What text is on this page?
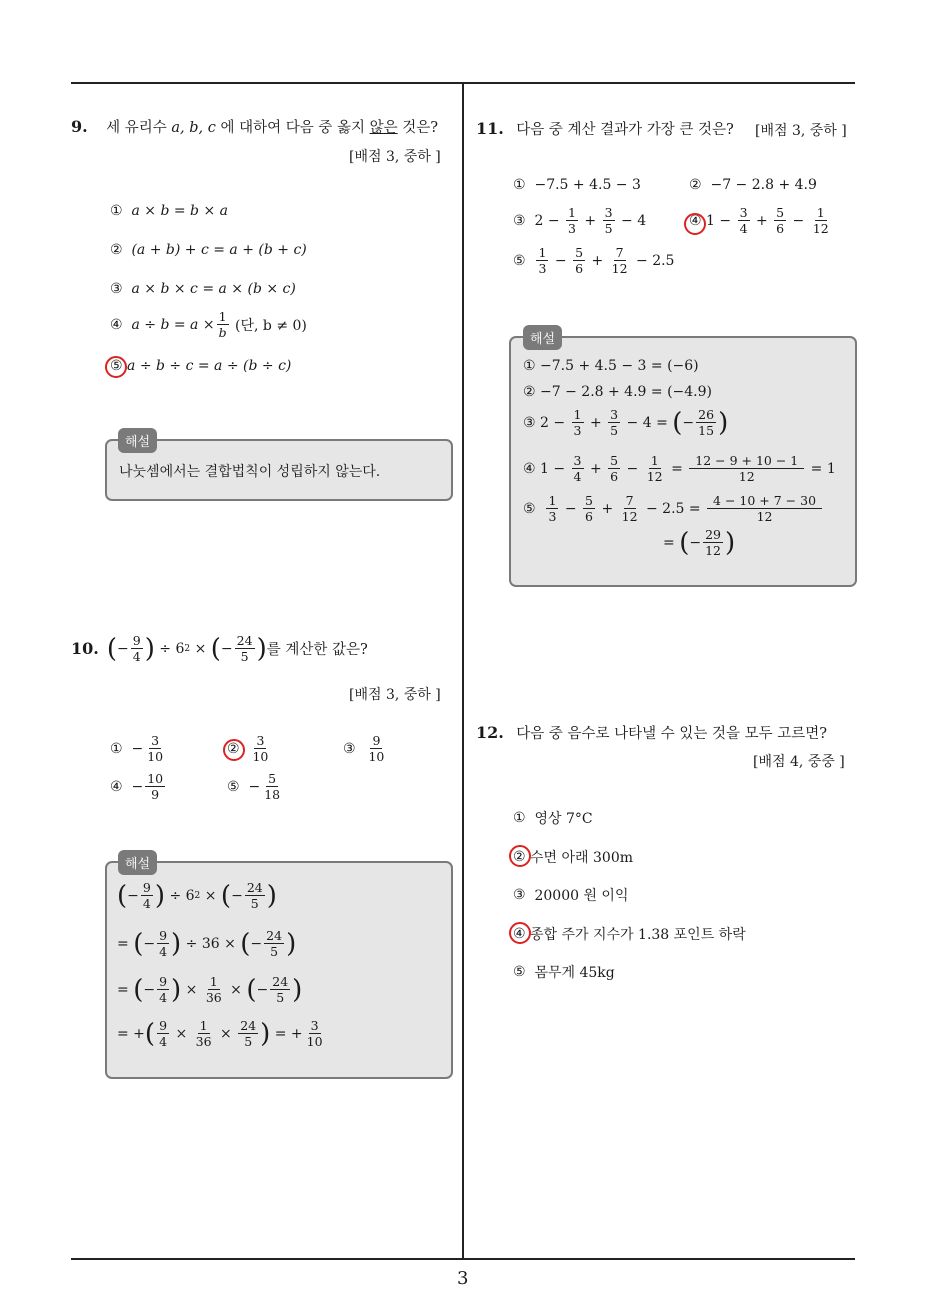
3
9. 세 유리수 a, b, c 에 대하여 다음 중 옳지 않은 것은?
[배점 3, 중하 ]
①
a × b = b × a
②
(a + b) + c = a + (b + c)
③
a × b × c = a × (b × c)
④
$a \div b = a \times \frac{1}{b}$
(단, b ≠ 0)
⑤
a ÷ b ÷ c = a ÷ (b ÷ c)
나눗셈에서는 결합법칙이 성립하지 않는다.
해설
10. ( − $\frac{9}{4}$ ) ÷ 6 2 × ( − $\frac{24}{5}$ ) 를 계산한 값은?
[배점 3, 중하 ]
①
− $\frac{3}{10}$	②
$\frac{3}{10}$	③
$\frac{9}{10}$
④
− $\frac{10}{9}$	⑤
− $\frac{5}{18}$
( − $\frac{9}{4}$ ) ÷ 6 2 × ( − $\frac{24}{5}$ )
= ( − $\frac{9}{4}$ ) ÷ 36 × ( − $\frac{24}{5}$ )
= ( − $\frac{9}{4}$ ) × $\frac{1}{36}$ × ( − $\frac{24}{5}$ )
= + ( $\frac{9}{4} \times \frac{1}{36} \times \frac{24}{5}$ ) = + $\frac{3}{10}$
해설
11. 다음 중 계산 결과가 가장 큰 것은?	[배점 3, 중하 ]
①
−7.5 + 4.5 − 3	②
−7 − 2.8 + 4.9
③ $2 - \frac{1}{3} + \frac{3}{5} - 4$	④ $1 - \frac{3}{4} + \frac{5}{6} - \frac{1}{12}$
⑤
$\frac{1}{3} - \frac{5}{6} + \frac{7}{12} - 2.5$
①
−7.5 + 4.5 − 3 = (−6)
②
−7 − 2.8 + 4.9 = (−4.9)
③ $2 - \frac{1}{3} + \frac{3}{5} - 4$ = ( − $\frac{26}{15}$ )
④ $1 - \frac{3}{4} + \frac{5}{6} - \frac{1}{12} = \frac{12 - 9 + 10 - 1}{12} = 1$
⑤ $\frac{1}{3} - \frac{5}{6} + \frac{7}{12} - 2.5 = \frac{4 - 10 + 7 - 30}{12}$
= ( − $\frac{29}{12}$ )
해설
12. 다음 중 음수로 나타낼 수 있는 것을 모두 고르면?
[배점 4, 중중 ]
①
영상 7°C
②
수면 아래 300m
③
20000 원 이익
④
종합 주가 지수가 1.38 포인트 하락
⑤
몸무게 45kg
